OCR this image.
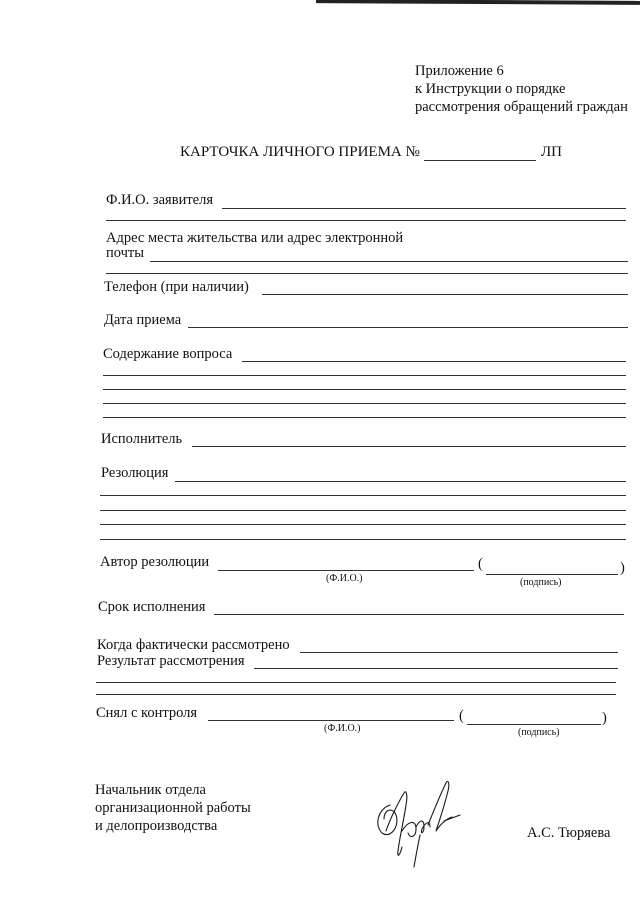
Приложение 6
к Инструкции о порядке
рассмотрения обращений граждан
КАРТОЧКА ЛИЧНОГО ПРИЕМА №	ЛП
Ф.И.О. заявителя
Адрес места жительства или адрес электронной
почты
Телефон (при наличии)
Дата приема
Содержание вопроса
Исполнитель
Резолюция
Автор резолюции	(	)
(Ф.И.О.)	(подпись)
Срок исполнения
Когда фактически рассмотрено
Результат рассмотрения
Снял с контроля	(	)
(Ф.И.О.)	(подпись)
Начальник отдела
организационной работы
и делопроизводства	А.С. Тюряева
